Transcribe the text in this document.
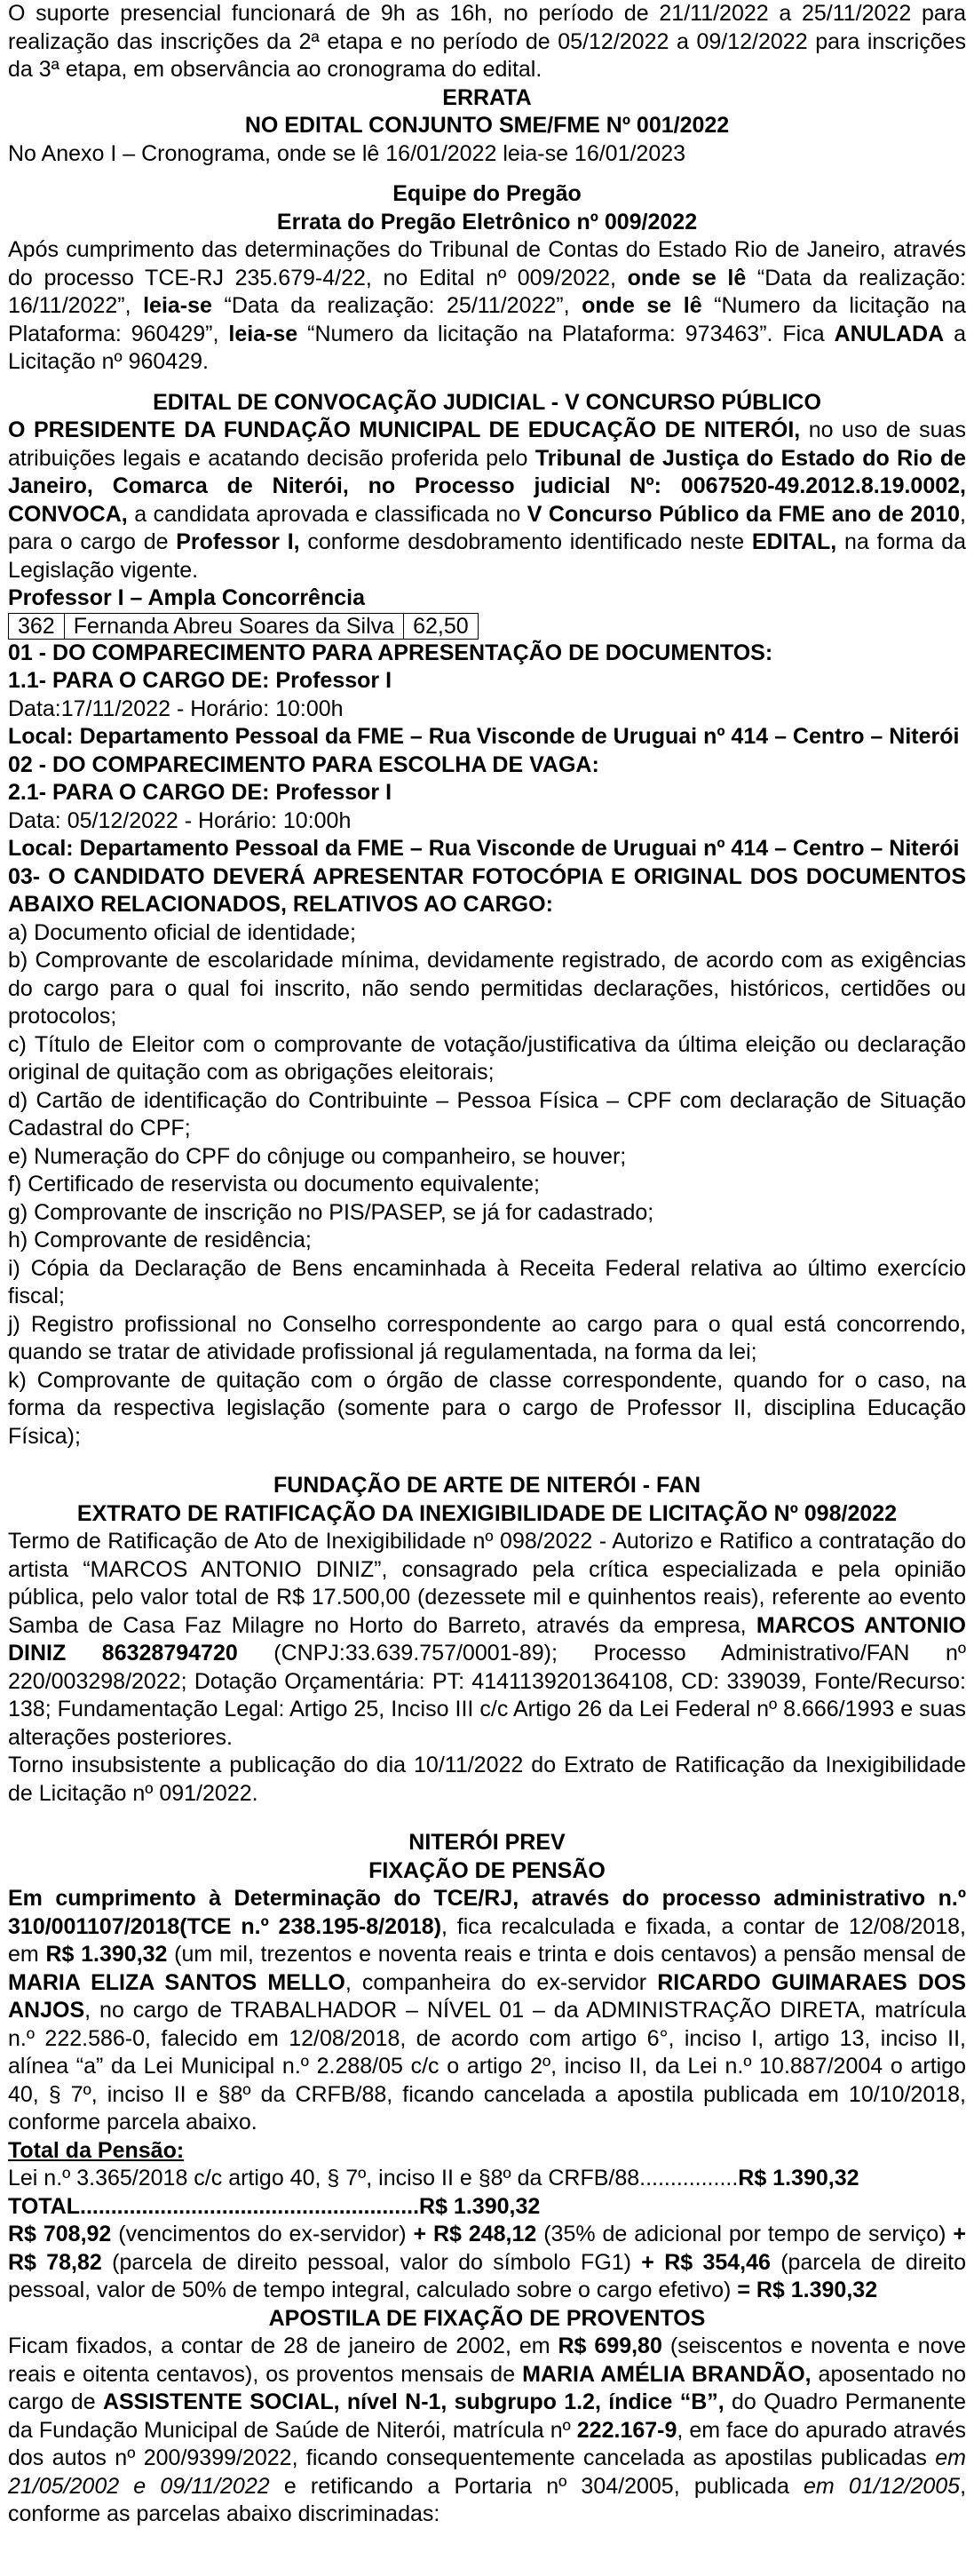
O suporte presencial funcionará de 9h as 16h, no período de 21/11/2022 a 25/11/2022 para realização das inscrições da 2ª etapa e no período de 05/12/2022 a 09/12/2022 para inscrições da 3ª etapa, em observância ao cronograma do edital.

ERRATA

NO EDITAL CONJUNTO SME/FME Nº 001/2022

No Anexo I – Cronograma, onde se lê 16/01/2022 leia-se 16/01/2023

Equipe do Pregão

Errata do Pregão Eletrônico nº 009/2022

Após cumprimento das determinações do Tribunal de Contas do Estado Rio de Janeiro, através do processo TCE-RJ 235.679-4/22, no Edital nº 009/2022, onde se lê “Data da realização: 16/11/2022”, leia-se “Data da realização: 25/11/2022”, onde se lê “Numero da licitação na Plataforma: 960429”, leia-se “Numero da licitação na Plataforma: 973463”. Fica ANULADA a Licitação nº 960429.

EDITAL DE CONVOCAÇÃO JUDICIAL - V CONCURSO PÚBLICO

O PRESIDENTE DA FUNDAÇÃO MUNICIPAL DE EDUCAÇÃO DE NITERÓI, no uso de suas atribuições legais e acatando decisão proferida pelo Tribunal de Justiça do Estado do Rio de Janeiro, Comarca de Niterói, no Processo judicial Nº: 0067520-49.2012.8.19.0002, CONVOCA, a candidata aprovada e classificada no V Concurso Público da FME ano de 2010, para o cargo de Professor I, conforme desdobramento identificado neste EDITAL, na forma da Legislação vigente.

Professor I – Ampla Concorrência

362	Fernanda Abreu Soares da Silva	62,50

01 - DO COMPARECIMENTO PARA APRESENTAÇÃO DE DOCUMENTOS:

1.1- PARA O CARGO DE: Professor I

Data:17/11/2022 - Horário: 10:00h

Local: Departamento Pessoal da FME – Rua Visconde de Uruguai nº 414 – Centro – Niterói

02 - DO COMPARECIMENTO PARA ESCOLHA DE VAGA:

2.1- PARA O CARGO DE: Professor I

Data: 05/12/2022 - Horário: 10:00h

Local: Departamento Pessoal da FME – Rua Visconde de Uruguai nº 414 – Centro – Niterói

03- O CANDIDATO DEVERÁ APRESENTAR FOTOCÓPIA E ORIGINAL DOS DOCUMENTOS ABAIXO RELACIONADOS, RELATIVOS AO CARGO:

a) Documento oficial de identidade;

b) Comprovante de escolaridade mínima, devidamente registrado, de acordo com as exigências do cargo para o qual foi inscrito, não sendo permitidas declarações, históricos, certidões ou protocolos;

c) Título de Eleitor com o comprovante de votação/justificativa da última eleição ou declaração original de quitação com as obrigações eleitorais;

d) Cartão de identificação do Contribuinte – Pessoa Física – CPF com declaração de Situação Cadastral do CPF;

e) Numeração do CPF do cônjuge ou companheiro, se houver;

f) Certificado de reservista ou documento equivalente;

g) Comprovante de inscrição no PIS/PASEP, se já for cadastrado;

h) Comprovante de residência;

i) Cópia da Declaração de Bens encaminhada à Receita Federal relativa ao último exercício fiscal;

j) Registro profissional no Conselho correspondente ao cargo para o qual está concorrendo, quando se tratar de atividade profissional já regulamentada, na forma da lei;

k) Comprovante de quitação com o órgão de classe correspondente, quando for o caso, na forma da respectiva legislação (somente para o cargo de Professor II, disciplina Educação Física);

FUNDAÇÃO DE ARTE DE NITERÓI - FAN

EXTRATO DE RATIFICAÇÃO DA INEXIGIBILIDADE DE LICITAÇÃO Nº 098/2022

Termo de Ratificação de Ato de Inexigibilidade nº 098/2022 - Autorizo e Ratifico a contratação do artista “MARCOS ANTONIO DINIZ”, consagrado pela crítica especializada e pela opinião pública, pelo valor total de R$ 17.500,00 (dezessete mil e quinhentos reais), referente ao evento Samba de Casa Faz Milagre no Horto do Barreto, através da empresa, MARCOS ANTONIO DINIZ 86328794720 (CNPJ:33.639.757/0001-89); Processo Administrativo/FAN nº 220/003298/2022; Dotação Orçamentária: PT: 4141139201364108, CD: 339039, Fonte/Recurso: 138; Fundamentação Legal: Artigo 25, Inciso III c/c Artigo 26 da Lei Federal nº 8.666/1993 e suas alterações posteriores.

Torno insubsistente a publicação do dia 10/11/2022 do Extrato de Ratificação da Inexigibilidade de Licitação nº 091/2022.

NITERÓI PREV

FIXAÇÃO DE PENSÃO

Em cumprimento à Determinação do TCE/RJ, através do processo administrativo n.º 310/001107/2018(TCE n.º 238.195-8/2018), fica recalculada e fixada, a contar de 12/08/2018, em R$ 1.390,32 (um mil, trezentos e noventa reais e trinta e dois centavos) a pensão mensal de MARIA ELIZA SANTOS MELLO, companheira do ex-servidor RICARDO GUIMARAES DOS ANJOS, no cargo de TRABALHADOR – NÍVEL 01 – da ADMINISTRAÇÃO DIRETA, matrícula n.º 222.586-0, falecido em 12/08/2018, de acordo com artigo 6°, inciso I, artigo 13, inciso II, alínea “a” da Lei Municipal n.º 2.288/05 c/c o artigo 2º, inciso II, da Lei n.º 10.887/2004 o artigo 40, § 7º, inciso II e §8º da CRFB/88, ficando cancelada a apostila publicada em 10/10/2018, conforme parcela abaixo.

Total da Pensão:

Lei n.º 3.365/2018 c/c artigo 40, § 7º, inciso II e §8º da CRFB/88................R$ 1.390,32

TOTAL.......................................................R$ 1.390,32

R$ 708,92 (vencimentos do ex-servidor) + R$ 248,12 (35% de adicional por tempo de serviço) + R$ 78,82 (parcela de direito pessoal, valor do símbolo FG1) + R$ 354,46 (parcela de direito pessoal, valor de 50% de tempo integral, calculado sobre o cargo efetivo) = R$ 1.390,32

APOSTILA DE FIXAÇÃO DE PROVENTOS

Ficam fixados, a contar de 28 de janeiro de 2002, em R$ 699,80 (seiscentos e noventa e nove reais e oitenta centavos), os proventos mensais de MARIA AMÉLIA BRANDÃO, aposentado no cargo de ASSISTENTE SOCIAL, nível N-1, subgrupo 1.2, índice “B”, do Quadro Permanente da Fundação Municipal de Saúde de Niterói, matrícula nº 222.167-9, em face do apurado através dos autos nº 200/9399/2022, ficando consequentemente cancelada as apostilas publicadas em 21/05/2002 e 09/11/2022 e retificando a Portaria nº 304/2005, publicada em 01/12/2005, conforme as parcelas abaixo discriminadas:
